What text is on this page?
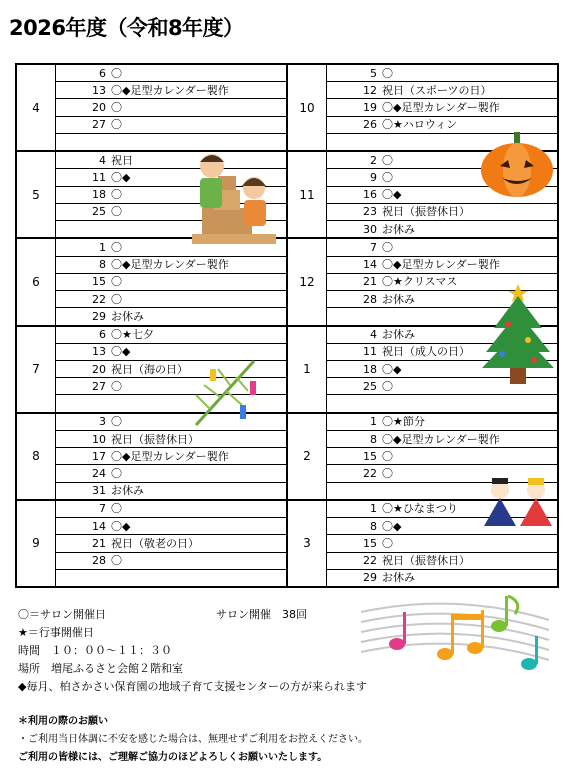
2026年度（令和8年度）
4
6 〇
13 〇◆足型カレンダー製作
20 〇
27 〇
5
4 祝日
11 〇◆
18 〇
25 〇
6
1 〇
8 〇◆足型カレンダー製作
15 〇
22 〇
29 お休み
7
6 〇★七夕
13 〇◆
20 祝日（海の日）
27 〇
8
3 〇
10 祝日（振替休日）
17 〇◆足型カレンダー製作
24 〇
31 お休み
9
7 〇
14 〇◆
21 祝日（敬老の日）
28 〇
10
5 〇
12 祝日（スポーツの日）
19 〇◆足型カレンダー製作
26 〇★ハロウィン
11
2 〇
9 〇
16 〇◆
23 祝日（振替休日）
30 お休み
12
7 〇
14 〇◆足型カレンダー製作
21 〇★クリスマス
28 お休み
1
4 お休み
11 祝日（成人の日）
18 〇◆
25 〇
2
1 〇★節分
8 〇◆足型カレンダー製作
15 〇
22 〇
3
1 〇★ひなまつり
8 〇◆
15 〇
22 祝日（振替休日）
29 お休み
〇＝サロン開催日	サロン開催　38回
★＝行事開催日
時間　１０：００～１１：３０
場所　増尾ふるさと会館２階和室
◆毎月、柏さかさい保育園の地域子育て支援センターの方が来られます
＊利用の際のお願い
・ご利用当日体調に不安を感じた場合は、無理せずご利用をお控えください。
ご利用の皆様には、ご理解ご協力のほどよろしくお願いいたします。
